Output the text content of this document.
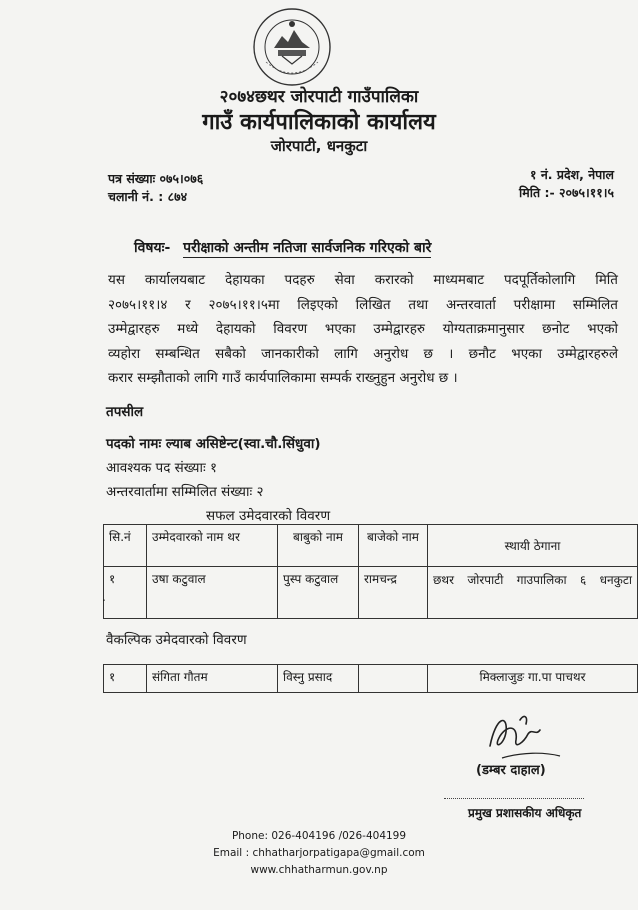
२०७४छथर जोरपाटी गाउँपालिका
गाउँ कार्यपालिकाको कार्यालय
जोरपाटी, धनकुटा
पत्र संख्याः ०७५।०७६
चलानी नं. : ८७४
१ नं. प्रदेश, नेपाल
मिति :- २०७५।११।५
विषयः- परीक्षाको अन्तीम नतिजा सार्वजनिक गरिएको बारे
यस कार्यालयबाट देहायका पदहरु सेवा करारको माध्यमबाट पदपूर्तिकोलागि मिति
२०७५।११।४ र २०७५।११।५मा लिइएको लिखित तथा अन्तरवार्ता परीक्षामा सम्मिलित
उम्मेद्वारहरु मध्ये देहायको विवरण भएका उम्मेद्वारहरु योग्यताक्रमानुसार छनोट भएको
व्यहोरा सम्बन्धित सबैको जानकारीको लागि अनुरोध छ । छनौट भएका उम्मेद्वारहरुले
करार सम्झौताको लागि गाउँ कार्यपालिकामा सम्पर्क राख्नुहुन अनुरोध छ ।
तपसील
पदको नामः ल्याब असिष्टेन्ट(स्वा.चौ.सिंधुवा)
आवश्यक पद संख्याः १
अन्तरवार्तामा सम्मिलित संख्याः २
सफल उमेदवारको विवरण
सि.नं	उम्मेदवारको नाम थर	बाबुको नाम	बाजेको नाम	स्थायी ठेगाना
१	उषा कटुवाल	पुस्प कटुवाल	रामचन्द्र	छथर जोरपाटी गाउपालिका ६ धनकुटा
.
वैकल्पिक उमेदवारको विवरण
१	संगिता गौतम	विस्नु प्रसाद		मिक्लाजुङ गा.पा पाचथर
(डम्बर दाहाल)
प्रमुख प्रशासकीय अधिकृत
Phone: 026-404196 /026-404199
Email : chhatharjorpatigapa@gmail.com
www.chhatharmun.gov.np
